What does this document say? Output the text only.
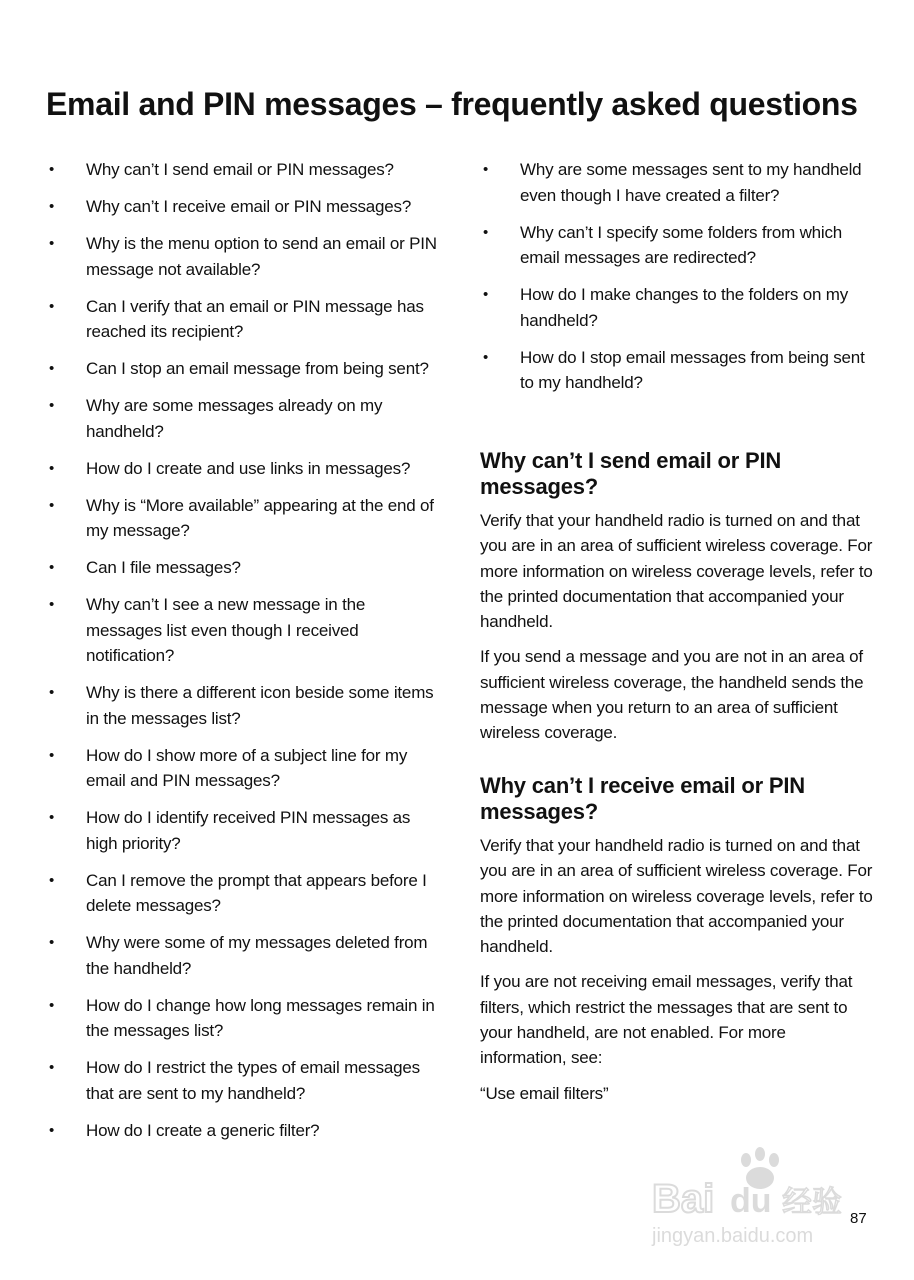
Email and PIN messages – frequently asked questions
• Why can’t I send email or PIN messages?
• Why can’t I receive email or PIN messages?
• Why is the menu option to send an email or PIN message not available?
• Can I verify that an email or PIN message has reached its recipient?
• Can I stop an email message from being sent?
• Why are some messages already on my handheld?
• How do I create and use links in messages?
• Why is “More available” appearing at the end of my message?
• Can I file messages?
• Why can’t I see a new message in the messages list even though I received notification?
• Why is there a different icon beside some items in the messages list?
• How do I show more of a subject line for my email and PIN messages?
• How do I identify received PIN messages as high priority?
• Can I remove the prompt that appears before I delete messages?
• Why were some of my messages deleted from the handheld?
• How do I change how long messages remain in the messages list?
• How do I restrict the types of email messages that are sent to my handheld?
• How do I create a generic filter?
• Why are some messages sent to my handheld even though I have created a filter?
• Why can’t I specify some folders from which email messages are redirected?
• How do I make changes to the folders on my handheld?
• How do I stop email messages from being sent to my handheld?
Why can’t I send email or PIN messages?

Verify that your handheld radio is turned on and that you are in an area of sufficient wireless coverage. For more information on wireless coverage levels, refer to the printed documentation that accompanied your handheld.

If you send a message and you are not in an area of sufficient wireless coverage, the handheld sends the message when you return to an area of sufficient wireless coverage.

Why can’t I receive email or PIN messages?

Verify that your handheld radio is turned on and that you are in an area of sufficient wireless coverage. For more information on wireless coverage levels, refer to the printed documentation that accompanied your handheld.

If you are not receiving email messages, verify that filters, which restrict the messages that are sent to your handheld, are not enabled. For more information, see:

“Use email filters”

87
Bai du 经验
jingyan.baidu.com
